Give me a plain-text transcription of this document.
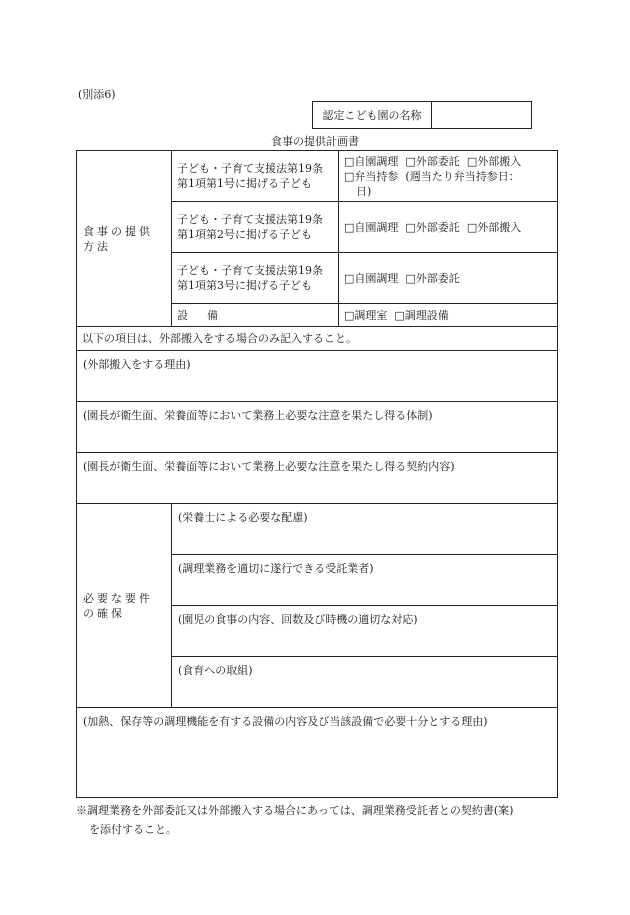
(別添6)
認定こども園の名称
食事の提供計画書
食事の提供方法	子ども・子育て支援法第19条第1項第1号に掲げる子ども	□自園調理 □外部委託 □外部搬入
□弁当持参 (週当たり弁当持参日：
日)

	子ども・子育て支援法第19条第1項第2号に掲げる子ども	□自園調理 □外部委託 □外部搬入

	子ども・子育て支援法第19条第1項第3号に掲げる子ども	□自園調理 □外部委託

	設　備	□調理室 □調理設備

以下の項目は、外部搬入をする場合のみ記入すること。		
(外部搬入をする理由)		
(園長が衛生面、栄養面等において業務上必要な注意を果たし得る体制)		
(園長が衛生面、栄養面等において業務上必要な注意を果たし得る契約内容)		
必要な要件の確保	(栄養士による必要な配慮)	
	(調理業務を適切に遂行できる受託業者)	
	(園児の食事の内容、回数及び時機の適切な対応)	
	(食育への取組)	
(加熱、保存等の調理機能を有する設備の内容及び当該設備で必要十分とする理由)		
※調理業務を外部委託又は外部搬入する場合にあっては、調理業務受託者との契約書(案)
を添付すること。
